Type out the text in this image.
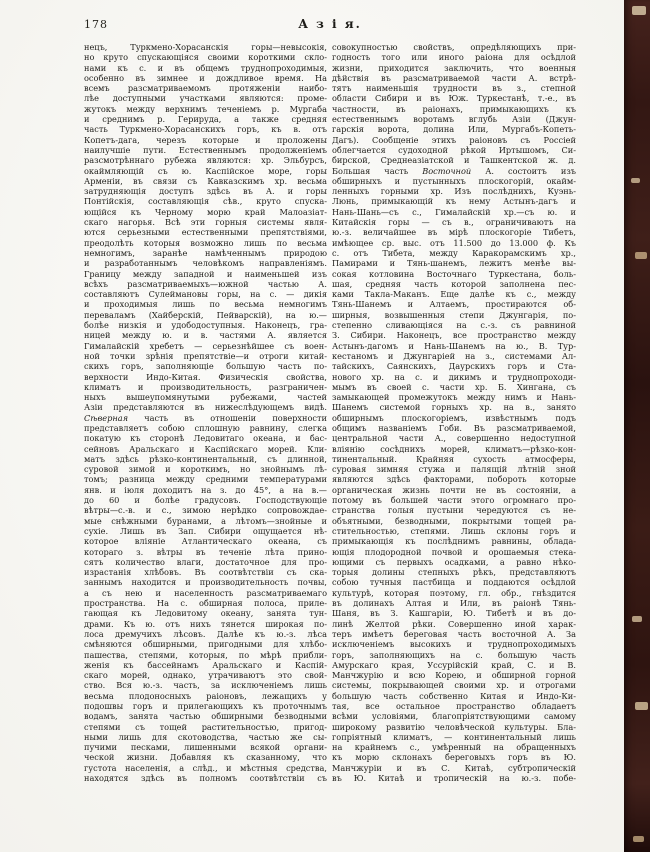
178	А з і я.
нецъ, Туркмено-Хорасанскія горы—невысокія,
но круто спускающіяся своими короткими скло-
нами къ с. и въ общемъ труднопроходимыя,
особенно въ зимнее и дождливое время. На
всемъ разсматриваемомъ протяженіи наибо-
лѣе доступными участками являются: проме-
жутокъ между верхнимъ теченіемъ р. Мургаба
и среднимъ р. Герируда, а также средняя
часть Туркмено-Хорасанскихъ горъ, къ в. отъ
Копетъ-дага, черезъ которые и проложены
наилучшіе пути. Естественнымъ продолженіемъ
разсмотрѣннаго рубежа являются: хр. Эльбурсъ,
окаймляющій съ ю. Каспійское море, горы
Арменіи, въ связи съ Кавказскимъ хр. весьма
затрудняющія доступъ здѣсь въ А. и горы
Понтійскія, составляющія сѣв., круто спуска-
ющійся къ Черному морю край Малоазіат-
скаго нагорья. Всѣ эти горныя системы явля-
ются серьезными естественными препятствіями,
преодолѣть которыя возможно лишь по весьма
немногимъ, заранѣе намѣченнымъ природою
и разработаннымъ человѣкомъ направленіямъ.
Границу между западной и наименьшей изъ
всѣхъ разсматриваемыхъ—южной частью А.
составляютъ Сулеймановы горы, на с. — дикія
и проходимыя лишь по весьма немногимъ
переваламъ (Хайберскій, Пейварскій), на ю.—
болѣе низкія и удободоступныя. Наконецъ, гра-
ницей между ю. и в. частями А. является
Гималайскій хребетъ — серьезнѣйшее съ воен-
ной точки зрѣнія препятствіе—и отроги китай-
скихъ горъ, заполняющіе большую часть по-
верхности Индо-Китая. Физическія свойства,
климатъ и производительность, разграничен-
ныхъ вышеупомянутыми рубежами, частей
Азіи представляются въ нижеслѣдующемъ видѣ.
Сѣверная часть въ отношеніи поверхности
представляетъ собою сплошную равнину, слегка
покатую къ сторонѣ Ледовитаго океана, и бас-
сейновъ Аральскаго и Каспійскаго морей. Кли-
матъ здѣсь рѣзко-континентальный, съ длинной,
суровой зимой и короткимъ, но знойнымъ лѣ-
томъ; разница между средними температурами
янв. и іюля доходитъ на з. до 45°, а на в.—
до 60 и болѣе градусовъ. Господствующіе
вѣтры—с.-в. и с., зимою нерѣдко сопровождае-
мые снѣжными буранами, а лѣтомъ—знойные и
сухіе. Лишь въ Зап. Сибири ощущается нѣ-
которое вліяніе Атлантическаго океана, съ
котораго з. вѣтры въ теченіе лѣта прино-
сятъ количество влаги, достаточное для про-
израстанія хлѣбовъ. Въ соотвѣтствіи съ ска-
заннымъ находится и производительность почвы,
а съ нею и населенность разсматриваемаго
пространства. На с. обширная полоса, приле-
гающая къ Ледовитому океану, занята тун-
драми. Къ ю. отъ нихъ тянется широкая по-
лоса дремучихъ лѣсовъ. Далѣе къ ю.-з. лѣса
смѣняются обширными, пригодными для хлѣбо-
пашества, степями, которыя, по мѣрѣ прибли-
женія къ бассейнамъ Аральскаго и Каспій-
скаго морей, однако, утрачиваютъ это свой-
ство. Вся ю.-з. часть, за исключеніемъ лишь
весьма плодоносныхъ раіоновъ, лежащихъ у
подошвы горъ и прилегающихъ къ проточнымъ
водамъ, занята частью обширными безводными
степями съ тощей растительностью, пригод-
ными лишь для скотоводства, частью же сы-
пучими песками, лишенными всякой органи-
ческой жизни. Добавляя къ сказанному, что
густота населенія, а слѣд., и мѣстныя средства,
находятся здѣсь въ полномъ соотвѣтствіи съ
совокупностью свойствъ, опредѣляющихъ при-
годность того или иного раіона для осѣдлой
жизни, приходится заключить, что военныя
дѣйствія въ разсматриваемой части А. встрѣ-
тятъ наименьшія трудности въ з., степной
области Сибири и въ Юж. Туркестанѣ, т.-е., въ
частности, въ раіонахъ, примыкающихъ къ
естественнымъ воротамъ вглубь Азіи (Джун-
гарскія ворота, долина Или, Мургабъ-Копеть-
Дагъ). Сообщеніе этихъ раіоновъ съ Россіей
облегчается судоходной рѣкой Иртышомъ, Си-
бирской, Среднеазіатской и Ташкентской ж. д.
Большая часть Восточной А. состоитъ изъ
обширныхъ и пустынныхъ плоскогорій, окайм-
ленныхъ горными хр. Изъ послѣднихъ, Куэнь-
Люнь, примыкающій къ нему Астынъ-дагъ и
Нань-Шань—съ с., Гималайскій хр.—съ ю. и
Китайскія горы — съ в., ограничиваютъ на
ю.-з. величайшее въ мірѣ плоскогоріе Тибетъ,
имѣющее ср. выс. отъ 11.500 до 13.000 ф. Къ
с. отъ Тибета, между Каракорамскимъ хр.,
Памирами и Тянь-шанемъ, лежитъ менѣе вы-
сокая котловина Восточнаго Туркестана, боль-
шая, средняя часть которой заполнена пес-
ками Такла-Маканъ. Еще далѣе къ с., между
Тянь-Шанемъ и Алтаемъ, простираются об-
ширныя, возвышенныя степи Джунгарія, по-
степенно сливающіяся на с.-з. съ равниной
З. Сибири. Наконецъ, все пространство между
Астынъ-дагомъ и Нань-Шанемъ на ю., В. Тур-
кестаномъ и Джунгаріей на з., системами Ал-
тайскихъ, Саянскихъ, Даурскихъ горъ и Ста-
нового хр. на с. и дикимъ и труднопроходи-
мымъ въ своей с. части хр. Б. Хингана, съ
замыкающей промежутокъ между нимъ и Нань-
Шанемъ системой горныхъ хр. на в., занято
обширнымъ плоскогоріемъ, извѣстнымъ подъ
общимъ названіемъ Гоби. Въ разсматриваемой,
центральной части А., совершенно недоступной
вліянію сосѣднихъ морей, климатъ—рѣзко-кон-
тинентальный. Крайняя сухость атмосферы,
суровая зимняя стужа и палящій лѣтній зной
являются здѣсь факторами, побороть которые
органическая жизнь почти не въ состояніи, а
потому въ большей части этого огромнаго про-
странства голыя пустыни чередуются съ не-
объятными, безводными, покрытыми тощей ра-
стительностью, степями. Лишь склоны горъ и
примыкающія къ послѣднимъ равнины, облада-
ющія плодородной почвой и орошаемыя стека-
ющими съ первыхъ осадками, а равно нѣко-
торыя долины степныхъ рѣкъ, представляютъ
собою тучныя пастбища и поддаются осѣдлой
культурѣ, которая поэтому, гл. обр., гнѣздится
въ долинахъ Алтая и Или, въ раіонѣ Тянь-
Шаня, въ З. Кашгаріи, Ю. Тибетѣ и въ до-
линѣ Желтой рѣки. Совершенно иной харак-
теръ имѣетъ береговая часть восточной А. За
исключеніемъ высокихъ и труднопроходимыхъ
горъ, заполняющихъ на с. большую часть
Амурскаго края, Уссурійскій край, С. и В.
Манчжурію и всю Корею, и обширной горной
системы, покрывающей своими хр. и отрогами
большую часть собственно Китая и Индо-Ки-
тая, все остальное пространство обладаетъ
всѣми условіями, благопріятствующими самому
широкому развитію человѣческой культуры. Бла-
гопріятный климатъ, — континентальный лишь
на крайнемъ с., умѣренный на обращенныхъ
къ морю склонахъ береговыхъ горъ въ Ю.
Манчжуріи и въ С. Китаѣ, субтропическій
въ Ю. Китаѣ и тропическій на ю.-з. побе-
